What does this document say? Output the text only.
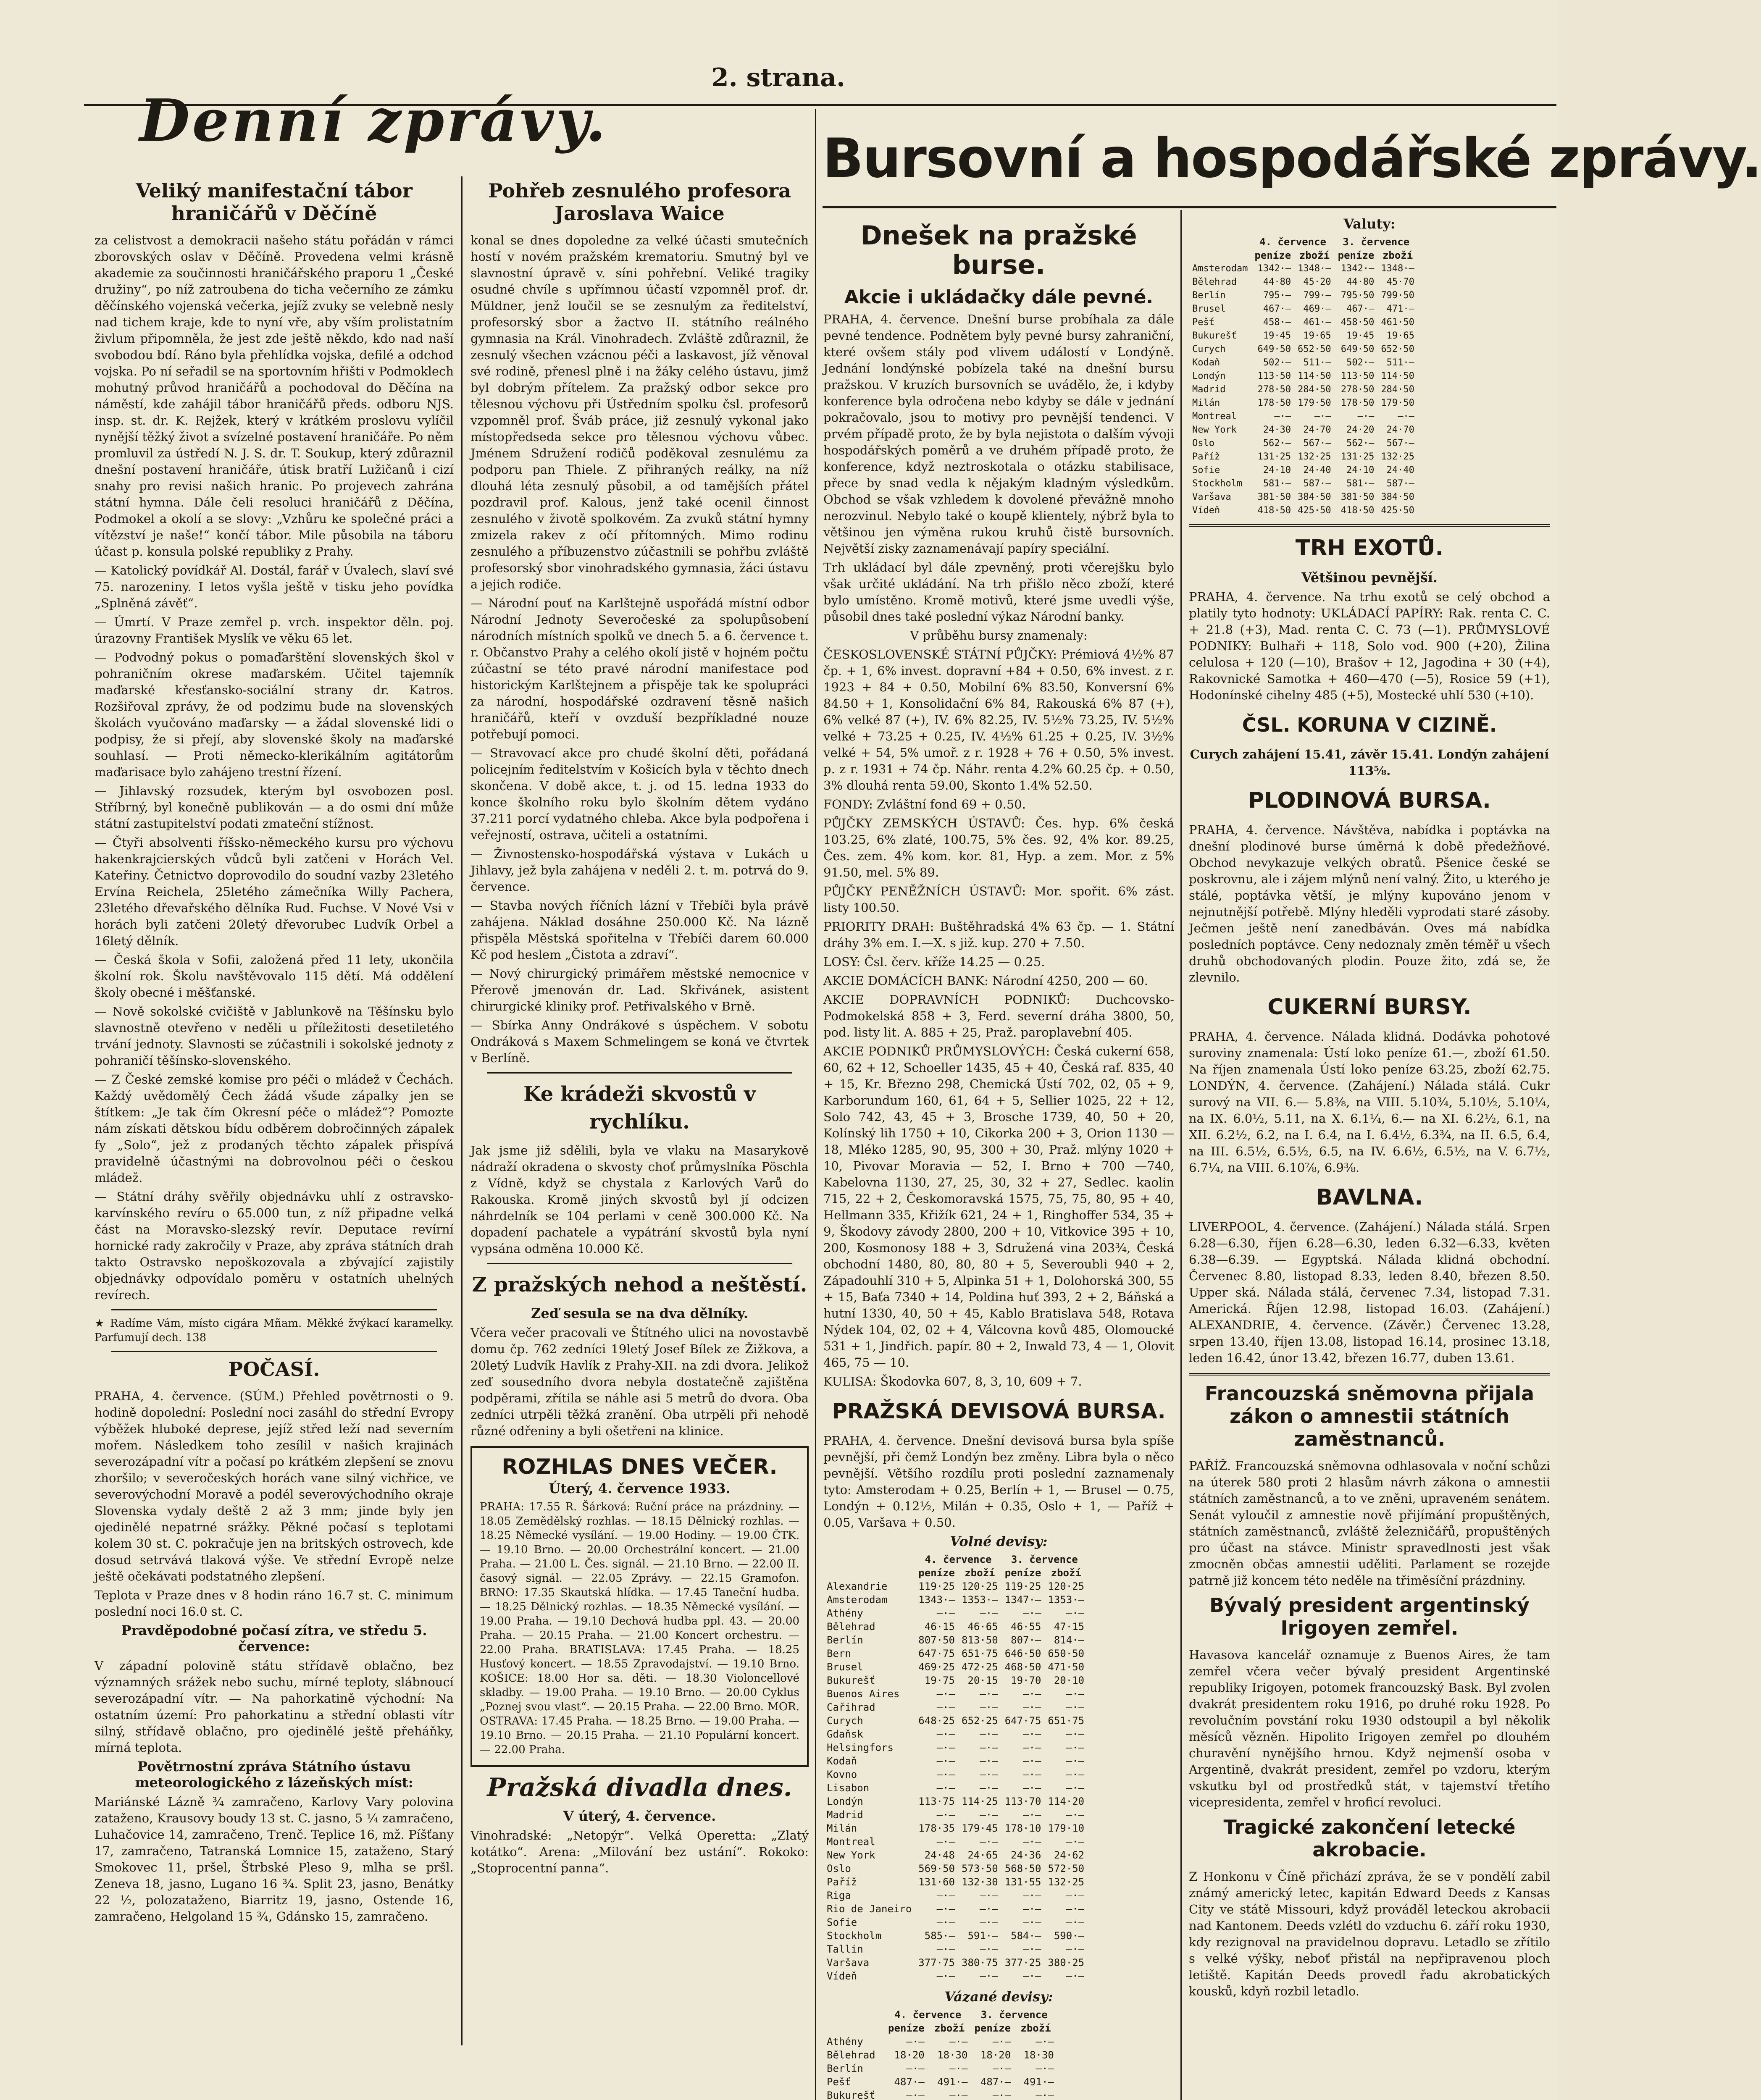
2. strana.
Denní zprávy.
Bursovní a hospodářské zprávy.
Veliký manifestační tábor hraničářů v Děčíně

za celistvost a demokracii našeho státu pořádán v rámci zborovských oslav v Děčíně. Provedena velmi krásně akademie za součinnosti hraničářského praporu 1 „České družiny“, po níž zatroubena do ticha večerního ze zámku děčínského vojenská večerka, jejíž zvuky se velebně nesly nad tichem kraje, kde to nyní vře, aby vším prolistatním živlum připomněla, že jest zde ještě někdo, kdo nad naší svobodou bdí. Ráno byla přehlídka vojska, defilé a odchod vojska. Po ní seřadil se na sportovním hřišti v Podmoklech mohutný průvod hraničářů a pochodoval do Děčína na náměstí, kde zahájil tábor hraničářů předs. odboru NJS. insp. st. dr. K. Rejžek, který v krátkém proslovu vylíčil nynější těžký život a svízelné postavení hraničáře. Po něm promluvil za ústředí N. J. S. dr. T. Soukup, který zdůraznil dnešní postavení hraničáře, útisk bratří Lužičanů i cizí snahy pro revisi našich hranic. Po projevech zahrána státní hymna. Dále čeli resoluci hraničářů z Děčína, Podmokel a okolí a se slovy: „Vzhůru ke společné práci a vítězství je naše!“ končí tábor. Mile působila na táboru účast p. konsula polské republiky z Prahy.

— Katolický povídkář Al. Dostál, farář v Úvalech, slaví své 75. narozeniny. I letos vyšla ještě v tisku jeho povídka „Splněná závěť“.

— Úmrtí. V Praze zemřel p. vrch. inspektor děln. poj. úrazovny František Myslík ve věku 65 let.

— Podvodný pokus o pomaďarštění slovenských škol v pohraničním okrese maďarském. Učitel tajemník maďarské křesťansko-sociální strany dr. Katros. Rozšiřoval zprávy, že od podzimu bude na slovenských školách vyučováno maďarsky — a žádal slovenské lidi o podpisy, že si přejí, aby slovenské školy na maďarské souhlasí. — Proti německo-klerikálním agitátorům maďarisace bylo zahájeno trestní řízení.

— Jihlavský rozsudek, kterým byl osvobozen posl. Stříbrný, byl konečně publikován — a do osmi dní může státní zastupitelství podati zmateční stížnost.

— Čtyři absolventi říšsko-německého kursu pro výchovu hakenkrajcierských vůdců byli zatčeni v Horách Vel. Kateřiny. Četnictvo doprovodilo do soudní vazby 23letého Ervína Reichela, 25letého zámečníka Willy Pachera, 23letého dřevařského dělníka Rud. Fuchse. V Nové Vsi v horách byli zatčeni 20letý dřevorubec Ludvík Orbel a 16letý dělník.

— Česká škola v Sofii, založená před 11 lety, ukončila školní rok. Školu navštěvovalo 115 dětí. Má oddělení školy obecné i měšťanské.

— Nově sokolské cvičiště v Jablunkově na Těšínsku bylo slavnostně otevřeno v neděli u příležitosti desetiletého trvání jednoty. Slavnosti se zúčastnili i sokolské jednoty z pohraničí těšínsko-slovenského.

— Z České zemské komise pro péči o mládež v Čechách. Každý uvědomělý Čech žádá všude zápalky jen se štítkem: „Je tak čím Okresní péče o mládež“? Pomozte nám získati dětskou bídu odběrem dobročinných zápalek fy „Solo“, jež z prodaných těchto zápalek přispívá pravidelně účastnými na dobrovolnou péči o českou mládež.

— Státní dráhy svěřily objednávku uhlí z ostravsko-karvínského revíru o 65.000 tun, z níž připadne velká část na Moravsko-slezský revír. Deputace revírní hornické rady zakročily v Praze, aby zpráva státních drah takto Ostravsko nepoškozovala a zbývající zajistily objednávky odpovídalo poměru v ostatních uhelných revírech.

★ Radíme Vám, místo cigára Mñam. Měkké žvýkací karamelky. Parfumují dech. 138

POČASÍ.

PRAHA, 4. července. (SÚM.) Přehled povětrnosti o 9. hodině dopolední: Poslední noci zasáhl do střední Evropy výběžek hluboké deprese, jejíž střed leží nad severním mořem. Následkem toho zesílil v našich krajinách severozápadní vítr a počasí po krátkém zlepšení se znovu zhoršilo; v severočeských horách vane silný vichřice, ve severovýchodní Moravě a podél severovýchodního okraje Slovenska vydaly deště 2 až 3 mm; jinde byly jen ojedinělé nepatrné srážky. Pěkné počasí s teplotami kolem 30 st. C. pokračuje jen na britských ostrovech, kde dosud setrvává tlaková výše. Ve střední Evropě nelze ještě očekávati podstatného zlepšení.

Teplota v Praze dnes v 8 hodin ráno 16.7 st. C. minimum poslední noci 16.0 st. C.

Pravděpodobné počasí zítra, ve středu 5. července:

V západní polovině státu střídavě oblačno, bez významných srážek nebo suchu, mírné teploty, slábnoucí severozápadní vítr. — Na pahorkatině východní: Na ostatním území: Pro pahorkatinu a střední oblasti vítr silný, střídavě oblačno, pro ojedinělé ještě přeháňky, mírná teplota.

Povětrnostní zpráva Státního ústavu meteorologického z lázeňských míst:

Mariánské Lázně ¾ zamračeno, Karlovy Vary polovina zataženo, Krausovy boudy 13 st. C. jasno, 5 ¼ zamračeno, Luhačovice 14, zamračeno, Trenč. Teplice 16, mž. Píšťany 17, zamračeno, Tatranská Lomnice 15, zataženo, Starý Smokovec 11, pršel, Štrbské Pleso 9, mlha se pršl. Zeneva 18, jasno, Lugano 16 ¾. Split 23, jasno, Benátky 22 ½, polozataženo, Biarritz 19, jasno, Ostende 16, zamračeno, Helgoland 15 ¾, Gdánsko 15, zamračeno.

Pohřeb zesnulého profesora Jaroslava Waice

konal se dnes dopoledne za velké účasti smutečních hostí v novém pražském krematoriu. Smutný byl ve slavnostní úpravě v. síni pohřební. Veliké tragiky osudné chvíle s upřímnou účastí vzpomněl prof. dr. Müldner, jenž loučil se se zesnulým za ředitelství, profesorský sbor a žactvo II. státního reálného gymnasia na Král. Vinohradech. Zvláště zdůraznil, že zesnulý všechen vzácnou péči a laskavost, jíž věnoval své rodině, přenesl plně i na žáky celého ústavu, jimž byl dobrým přítelem. Za pražský odbor sekce pro tělesnou výchovu při Ústředním spolku čsl. profesorů vzpomněl prof. Šváb práce, již zesnulý vykonal jako místopředseda sekce pro tělesnou výchovu vůbec. Jménem Sdružení rodičů poděkoval zesnulému za podporu pan Thiele. Z přihraných reálky, na níž dlouhá léta zesnulý působil, a od tamějších přátel pozdravil prof. Kalous, jenž také ocenil činnost zesnulého v životě spolkovém. Za zvuků státní hymny zmizela rakev z očí přítomných. Mimo rodinu zesnulého a příbuzenstvo zúčastnili se pohřbu zvláště profesorský sbor vinohradského gymnasia, žáci ústavu a jejich rodiče.

— Národní pouť na Karlštejně uspořádá místní odbor Národní Jednoty Severočeské za spolupůsobení národních místních spolků ve dnech 5. a 6. července t. r. Občanstvo Prahy a celého okolí jistě v hojném počtu zúčastní se této pravé národní manifestace pod historickým Karlštejnem a přispěje tak ke spolupráci za národní, hospodářské ozdravení těsně našich hraničářů, kteří v ovzduší bezpříkladné nouze potřebují pomoci.

— Stravovací akce pro chudé školní děti, pořádaná policejním ředitelstvím v Košicích byla v těchto dnech skončena. V době akce, t. j. od 15. ledna 1933 do konce školního roku bylo školním dětem vydáno 37.211 porcí vydatného chleba. Akce byla podpořena i veřejností, ostrava, učiteli a ostatními.

— Živnostensko-hospodářská výstava v Lukách u Jihlavy, jež byla zahájena v neděli 2. t. m. potrvá do 9. července.

— Stavba nových říčních lázní v Třebíči byla právě zahájena. Náklad dosáhne 250.000 Kč. Na lázně přispěla Městská spořitelna v Třebíči darem 60.000 Kč pod heslem „Čistota a zdraví“.

— Nový chirurgický primářem městské nemocnice v Přerově jmenován dr. Lad. Skřivánek, asistent chirurgické kliniky prof. Petřivalského v Brně.

— Sbírka Anny Ondrákové s úspěchem. V sobotu Ondráková s Maxem Schmelingem se koná ve čtvrtek v Berlíně.

Ke krádeži skvostů v rychlíku.

Jak jsme již sdělili, byla ve vlaku na Masarykově nádraží okradena o skvosty choť průmyslníka Pöschla z Vídně, když se chystala z Karlových Varů do Rakouska. Kromě jiných skvostů byl jí odcizen náhrdelník se 104 perlami v ceně 300.000 Kč. Na dopadení pachatele a vypátrání skvostů byla nyní vypsána odměna 10.000 Kč.

Z pražských nehod a neštěstí.
Zeď sesula se na dva dělníky.

Včera večer pracovali ve Štítného ulici na novostavbě domu čp. 762 zedníci 19letý Josef Bílek ze Žižkova, a 20letý Ludvík Havlík z Prahy-XII. na zdi dvora. Jelikož zeď sousedního dvora nebyla dostatečně zajištěna podpěrami, zřítila se náhle asi 5 metrů do dvora. Oba zedníci utrpěli těžká zranění. Oba utrpěli při nehodě různé odřeniny a byli ošetřeni na klinice.

ROZHLAS DNES VEČER.
Úterý, 4. července 1933.

PRAHA: 17.55 R. Šárková: Ruční práce na prázdniny. — 18.05 Zemědělský rozhlas. — 18.15 Dělnický rozhlas. — 18.25 Německé vysílání. — 19.00 Hodiny. — 19.00 ČTK. — 19.10 Brno. — 20.00 Orchestrální koncert. — 21.00 Praha. — 21.00 L. Čes. signál. — 21.10 Brno. — 22.00 II. časový signál. — 22.05 Zprávy. — 22.15 Gramofon. BRNO: 17.35 Skautská hlídka. — 17.45 Taneční hudba. — 18.25 Dělnický rozhlas. — 18.35 Německé vysílání. — 19.00 Praha. — 19.10 Dechová hudba ppl. 43. — 20.00 Praha. — 20.15 Praha. — 21.00 Koncert orchestru. — 22.00 Praha. BRATISLAVA: 17.45 Praha. — 18.25 Husťový koncert. — 18.55 Zpravodajství. — 19.10 Brno. KOŠICE: 18.00 Hor sa. děti. — 18.30 Violoncellové skladby. — 19.00 Praha. — 19.10 Brno. — 20.00 Cyklus „Poznej svou vlast“. — 20.15 Praha. — 22.00 Brno. MOR. OSTRAVA: 17.45 Praha. — 18.25 Brno. — 19.00 Praha. — 19.10 Brno. — 20.15 Praha. — 21.10 Populární koncert. — 22.00 Praha.

Pražská divadla dnes.
V úterý, 4. července.

Vinohradské: „Netopýr“. Velká Operetta: „Zlatý kotátko“. Arena: „Milování bez ustání“. Rokoko: „Stoprocentní panna“.

Dnešek na pražské burse.
Akcie i ukládačky dále pevné.

PRAHA, 4. července. Dnešní burse probíhala za dále pevné tendence. Podnětem byly pevné bursy zahraniční, které ovšem stály pod vlivem událostí v Londýně. Jednání londýnské pobízela také na dnešní bursu pražskou. V kruzích bursovních se uvádělo, že, i kdyby konference byla odročena nebo kdyby se dále v jednání pokračovalo, jsou to motivy pro pevnější tendenci. V prvém případě proto, že by byla nejistota o dalším vývoji hospodářských poměrů a ve druhém případě proto, že konference, když neztroskotala o otázku stabilisace, přece by snad vedla k nějakým kladným výsledkům. Obchod se však vzhledem k dovolené převážně mnoho nerozvinul. Nebylo také o koupě klientely, nýbrž byla to většinou jen výměna rukou kruhů čistě bursovních. Největší zisky zaznamenávají papíry speciální.

Trh ukládací byl dále zpevněný, proti včerejšku bylo však určité ukládání. Na trh přišlo něco zboží, které bylo umístěno. Kromě motivů, které jsme uvedli výše, působil dnes také poslední výkaz Národní banky.

V průběhu bursy znamenaly:

ČESKOSLOVENSKÉ STÁTNÍ PŮJČKY: Prémiová 4½% 87 čp. + 1, 6% invest. dopravní +84 + 0.50, 6% invest. z r. 1923 + 84 + 0.50, Mobilní 6% 83.50, Konversní 6% 84.50 + 1, Konsolidační 6% 84, Rakouská 6% 87 (+), 6% velké 87 (+), IV. 6% 82.25, IV. 5½% 73.25, IV. 5½% velké + 73.25 + 0.25, IV. 4½% 61.25 + 0.25, IV. 3½% velké + 54, 5% umoř. z r. 1928 + 76 + 0.50, 5% invest. p. z r. 1931 + 74 čp. Náhr. renta 4.2% 60.25 čp. + 0.50, 3% dlouhá renta 59.00, Skonto 1.4% 52.50.

FONDY: Zvláštní fond 69 + 0.50.

PŮJČKY ZEMSKÝCH ÚSTAVŮ: Čes. hyp. 6% česká 103.25, 6% zlaté, 100.75, 5% čes. 92, 4% kor. 89.25, Čes. zem. 4% kom. kor. 81, Hyp. a zem. Mor. z 5% 91.50, mel. 5% 89.

PŮJČKY PENĚŽNÍCH ÚSTAVŮ: Mor. spořit. 6% zást. listy 100.50.

PRIORITY DRAH: Buštěhradská 4% 63 čp. — 1. Státní dráhy 3% em. I.—X. s již. kup. 270 + 7.50.

LOSY: Čsl. červ. kříže 14.25 — 0.25.

AKCIE DOMÁCÍCH BANK: Národní 4250, 200 — 60.

AKCIE DOPRAVNÍCH PODNIKŮ: Duchcovsko-Podmokelská 858 + 3, Ferd. severní dráha 3800, 50, pod. listy lit. A. 885 + 25, Praž. paroplavební 405.

AKCIE PODNIKŮ PRŮMYSLOVÝCH: Česká cukerní 658, 60, 62 + 12, Schoeller 1435, 45 + 40, Česká raf. 835, 40 + 15, Kr. Březno 298, Chemická Ústí 702, 02, 05 + 9, Karborundum 160, 61, 64 + 5, Sellier 1025, 22 + 12, Solo 742, 43, 45 + 3, Brosche 1739, 40, 50 + 20, Kolínský lih 1750 + 10, Cikorka 200 + 3, Orion 1130 — 18, Mléko 1285, 90, 95, 300 + 30, Praž. mlýny 1020 + 10, Pivovar Moravia — 52, I. Brno + 700 —740, Kabelovna 1130, 27, 25, 30, 32 + 27, Sedlec. kaolin 715, 22 + 2, Českomoravská 1575, 75, 75, 80, 95 + 40, Hellmann 335, Křižík 621, 24 + 1, Ringhoffer 534, 35 + 9, Škodovy závody 2800, 200 + 10, Vitkovice 395 + 10, 200, Kosmonosy 188 + 3, Sdružená vina 203¾, Česká obchodní 1480, 80, 80, 80 + 5, Severoubli 940 + 2, Západouhlí 310 + 5, Alpinka 51 + 1, Dolohorská 300, 55 + 15, Baťa 7340 + 14, Poldina huť 393, 2 + 2, Báňská a hutní 1330, 40, 50 + 45, Kablo Bratislava 548, Rotava Nýdek 104, 02, 02 + 4, Válcovna kovů 485, Olomoucké 531 + 1, Jindřich. papír. 80 + 2, Inwald 73, 4 — 1, Olovit 465, 75 — 10.

KULISA: Škodovka 607, 8, 3, 10, 609 + 7.

PRAŽSKÁ DEVISOVÁ BURSA.

PRAHA, 4. července. Dnešní devisová bursa byla spíše pevnější, při čemž Londýn bez změny. Libra byla o něco pevnější. Většího rozdílu proti poslední zaznamenaly tyto: Amsterodam + 0.25, Berlín + 1, — Brusel — 0.75, Londýn + 0.12½, Milán + 0.35, Oslo + 1, — Paříž + 0.05, Varšava + 0.50.

Volné devisy:
	4. července		3. července	
	peníze	zboží	peníze	zboží
Alexandrie	119·25	120·25	119·25	120·25
Amsterodam	1343·—	1353·—	1347·—	1353·—
Athény	—·—	—·—	—·—	—·—
Bělehrad	46·15	46·65	46·55	47·15
Berlín	807·50	813·50	807·—	814·—
Bern	647·75	651·75	646·50	650·50
Brusel	469·25	472·25	468·50	471·50
Bukurešť	19·75	20·15	19·70	20·10
Buenos Aires	—·—	—·—	—·—	—·—
Cařihrad	—·—	—·—	—·—	—·—
Curych	648·25	652·25	647·75	651·75
Gdaňsk	—·—	—·—	—·—	—·—
Helsingfors	—·—	—·—	—·—	—·—
Kodaň	—·—	—·—	—·—	—·—
Kovno	—·—	—·—	—·—	—·—
Lisabon	—·—	—·—	—·—	—·—
Londýn	113·75	114·25	113·70	114·20
Madrid	—·—	—·—	—·—	—·—
Milán	178·35	179·45	178·10	179·10
Montreal	—·—	—·—	—·—	—·—
New York	24·48	24·65	24·36	24·62
Oslo	569·50	573·50	568·50	572·50
Paříž	131·60	132·30	131·55	132·25
Riga	—·—	—·—	—·—	—·—
Rio de Janeiro	—·—	—·—	—·—	—·—
Sofie	—·—	—·—	—·—	—·—
Stockholm	585·—	591·—	584·—	590·—
Tallin	—·—	—·—	—·—	—·—
Varšava	377·75	380·75	377·25	380·25
Vídeň	—·—	—·—	—·—	—·—
Vázané devisy:
	4. července		3. července	
	peníze	zboží	peníze	zboží
Athény	—·—	—·—	—·—	—·—
Bělehrad	18·20	18·30	18·20	18·30
Berlín	—·—	—·—	—·—	—·—
Pešť	487·—	491·—	487·—	491·—
Bukurešť	—·—	—·—	—·—	—·—

Valuty:
	4. července		3. července	
	peníze	zboží	peníze	zboží
Amsterodam	1342·—	1348·—	1342·—	1348·—
Bělehrad	44·80	45·20	44·80	45·70
Berlín	795·—	799·—	795·50	799·50
Brusel	467·—	469·—	467·—	471·—
Pešť	458·—	461·—	458·50	461·50
Bukurešť	19·45	19·65	19·45	19·65
Curych	649·50	652·50	649·50	652·50
Kodaň	502·—	511·—	502·—	511·—
Londýn	113·50	114·50	113·50	114·50
Madrid	278·50	284·50	278·50	284·50
Milán	178·50	179·50	178·50	179·50
Montreal	—·—	—·—	—·—	—·—
New York	24·30	24·70	24·20	24·70
Oslo	562·—	567·—	562·—	567·—
Paříž	131·25	132·25	131·25	132·25
Sofie	24·10	24·40	24·10	24·40
Stockholm	581·—	587·—	581·—	587·—
Varšava	381·50	384·50	381·50	384·50
Vídeň	418·50	425·50	418·50	425·50
TRH EXOTŮ.
Většinou pevnější.

PRAHA, 4. července. Na trhu exotů se celý obchod a platily tyto hodnoty: UKLÁDACÍ PAPÍRY: Rak. renta C. C. + 21.8 (+3), Mad. renta C. C. 73 (—1). PRŮMYSLOVÉ PODNIKY: Bulhaři + 118, Solo vod. 900 (+20), Žilina celulosa + 120 (—10), Brašov + 12, Jagodina + 30 (+4), Rakovnické Samotka + 460—470 (—5), Rosice 59 (+1), Hodonínské cihelny 485 (+5), Mostecké uhlí 530 (+10).

ČSL. KORUNA V CIZINĚ.

Curych zahájení 15.41, závěr 15.41. Londýn zahájení 113⅝.

PLODINOVÁ BURSA.

PRAHA, 4. července. Návštěva, nabídka i poptávka na dnešní plodinové burse úměrná k době předežňové. Obchod nevykazuje velkých obratů. Pšenice české se poskrovnu, ale i zájem mlýnů není valný. Žito, u kterého je stálé, poptávka větší, je mlýny kupováno jenom v nejnutnější potřebě. Mlýny hleděli vyprodati staré zásoby. Ječmen ještě není zanedbáván. Oves má nabídka posledních poptávce. Ceny nedoznaly změn téměř u všech druhů obchodovaných plodin. Pouze žito, zdá se, že zlevnilo.

CUKERNÍ BURSY.

PRAHA, 4. července. Nálada klidná. Dodávka pohotové suroviny znamenala: Ústí loko peníze 61.—, zboží 61.50. Na říjen znamenala Ústí loko peníze 63.25, zboží 62.75. LONDÝN, 4. července. (Zahájení.) Nálada stálá. Cukr surový na VII. 6.— 5.8⅜, na VIII. 5.10¾, 5.10½, 5.10¼, na IX. 6.0½, 5.11, na X. 6.1¼, 6.— na XI. 6.2½, 6.1, na XII. 6.2½, 6.2, na I. 6.4, na I. 6.4½, 6.3¾, na II. 6.5, 6.4, na III. 6.5½, 6.5½, 6.5, na IV. 6.6½, 6.5½, na V. 6.7½, 6.7¼, na VIII. 6.10⅞, 6.9⅜.

BAVLNA.

LIVERPOOL, 4. července. (Zahájení.) Nálada stálá. Srpen 6.28—6.30, říjen 6.28—6.30, leden 6.32—6.33, květen 6.38—6.39. — Egyptská. Nálada klidná obchodní. Červenec 8.80, listopad 8.33, leden 8.40, březen 8.50. Upper ská. Nálada stálá, červenec 7.34, listopad 7.31. Americká. Říjen 12.98, listopad 16.03. (Zahájení.) ALEXANDRIE, 4. července. (Závěr.) Červenec 13.28, srpen 13.40, říjen 13.08, listopad 16.14, prosinec 13.18, leden 16.42, únor 13.42, březen 16.77, duben 13.61.

Francouzská sněmovna přijala zákon o amnestii státních zaměstnanců.

PAŘÍŽ. Francouzská sněmovna odhlasovala v noční schůzi na úterek 580 proti 2 hlasům návrh zákona o amnestii státních zaměstnanců, a to ve zněni, upraveném senátem. Senát vyloučil z amnestie nově přijímání propuštěných, státních zaměstnanců, zvláště železničářů, propuštěných pro účast na stávce. Ministr spravedlnosti jest však zmocněn občas amnestii uděliti. Parlament se rozejde patrně již koncem této neděle na třiměsíční prázdniny.

Bývalý president argentinský Irigoyen zemřel.

Havasova kancelář oznamuje z Buenos Aires, že tam zemřel včera večer bývalý president Argentinské republiky Irigoyen, potomek francouzský Bask. Byl zvolen dvakrát presidentem roku 1916, po druhé roku 1928. Po revolučním povstání roku 1930 odstoupil a byl několik měsíců vězněn. Hipolito Irigoyen zemřel po dlouhém churavění nynějšího hrnou. Když nejmenší osoba v Argentině, dvakrát president, zemřel po vzdoru, kterým vskutku byl od prostředků stát, v tajemství třetího vicepresidenta, zemřel v hroficí revoluci.

Tragické zakončení letecké akrobacie.

Z Honkonu v Číně přichází zpráva, že se v pondělí zabil známý americký letec, kapitán Edward Deeds z Kansas City ve státě Missouri, když prováděl leteckou akrobacii nad Kantonem. Deeds vzlétl do vzduchu 6. září roku 1930, kdy rezignoval na pravidelnou dopravu. Letadlo se zřítilo s velké výšky, neboť přistál na nepřipravenou ploch letiště. Kapitán Deeds provedl řadu akrobatických kousků, kdyň rozbil letadlo.
